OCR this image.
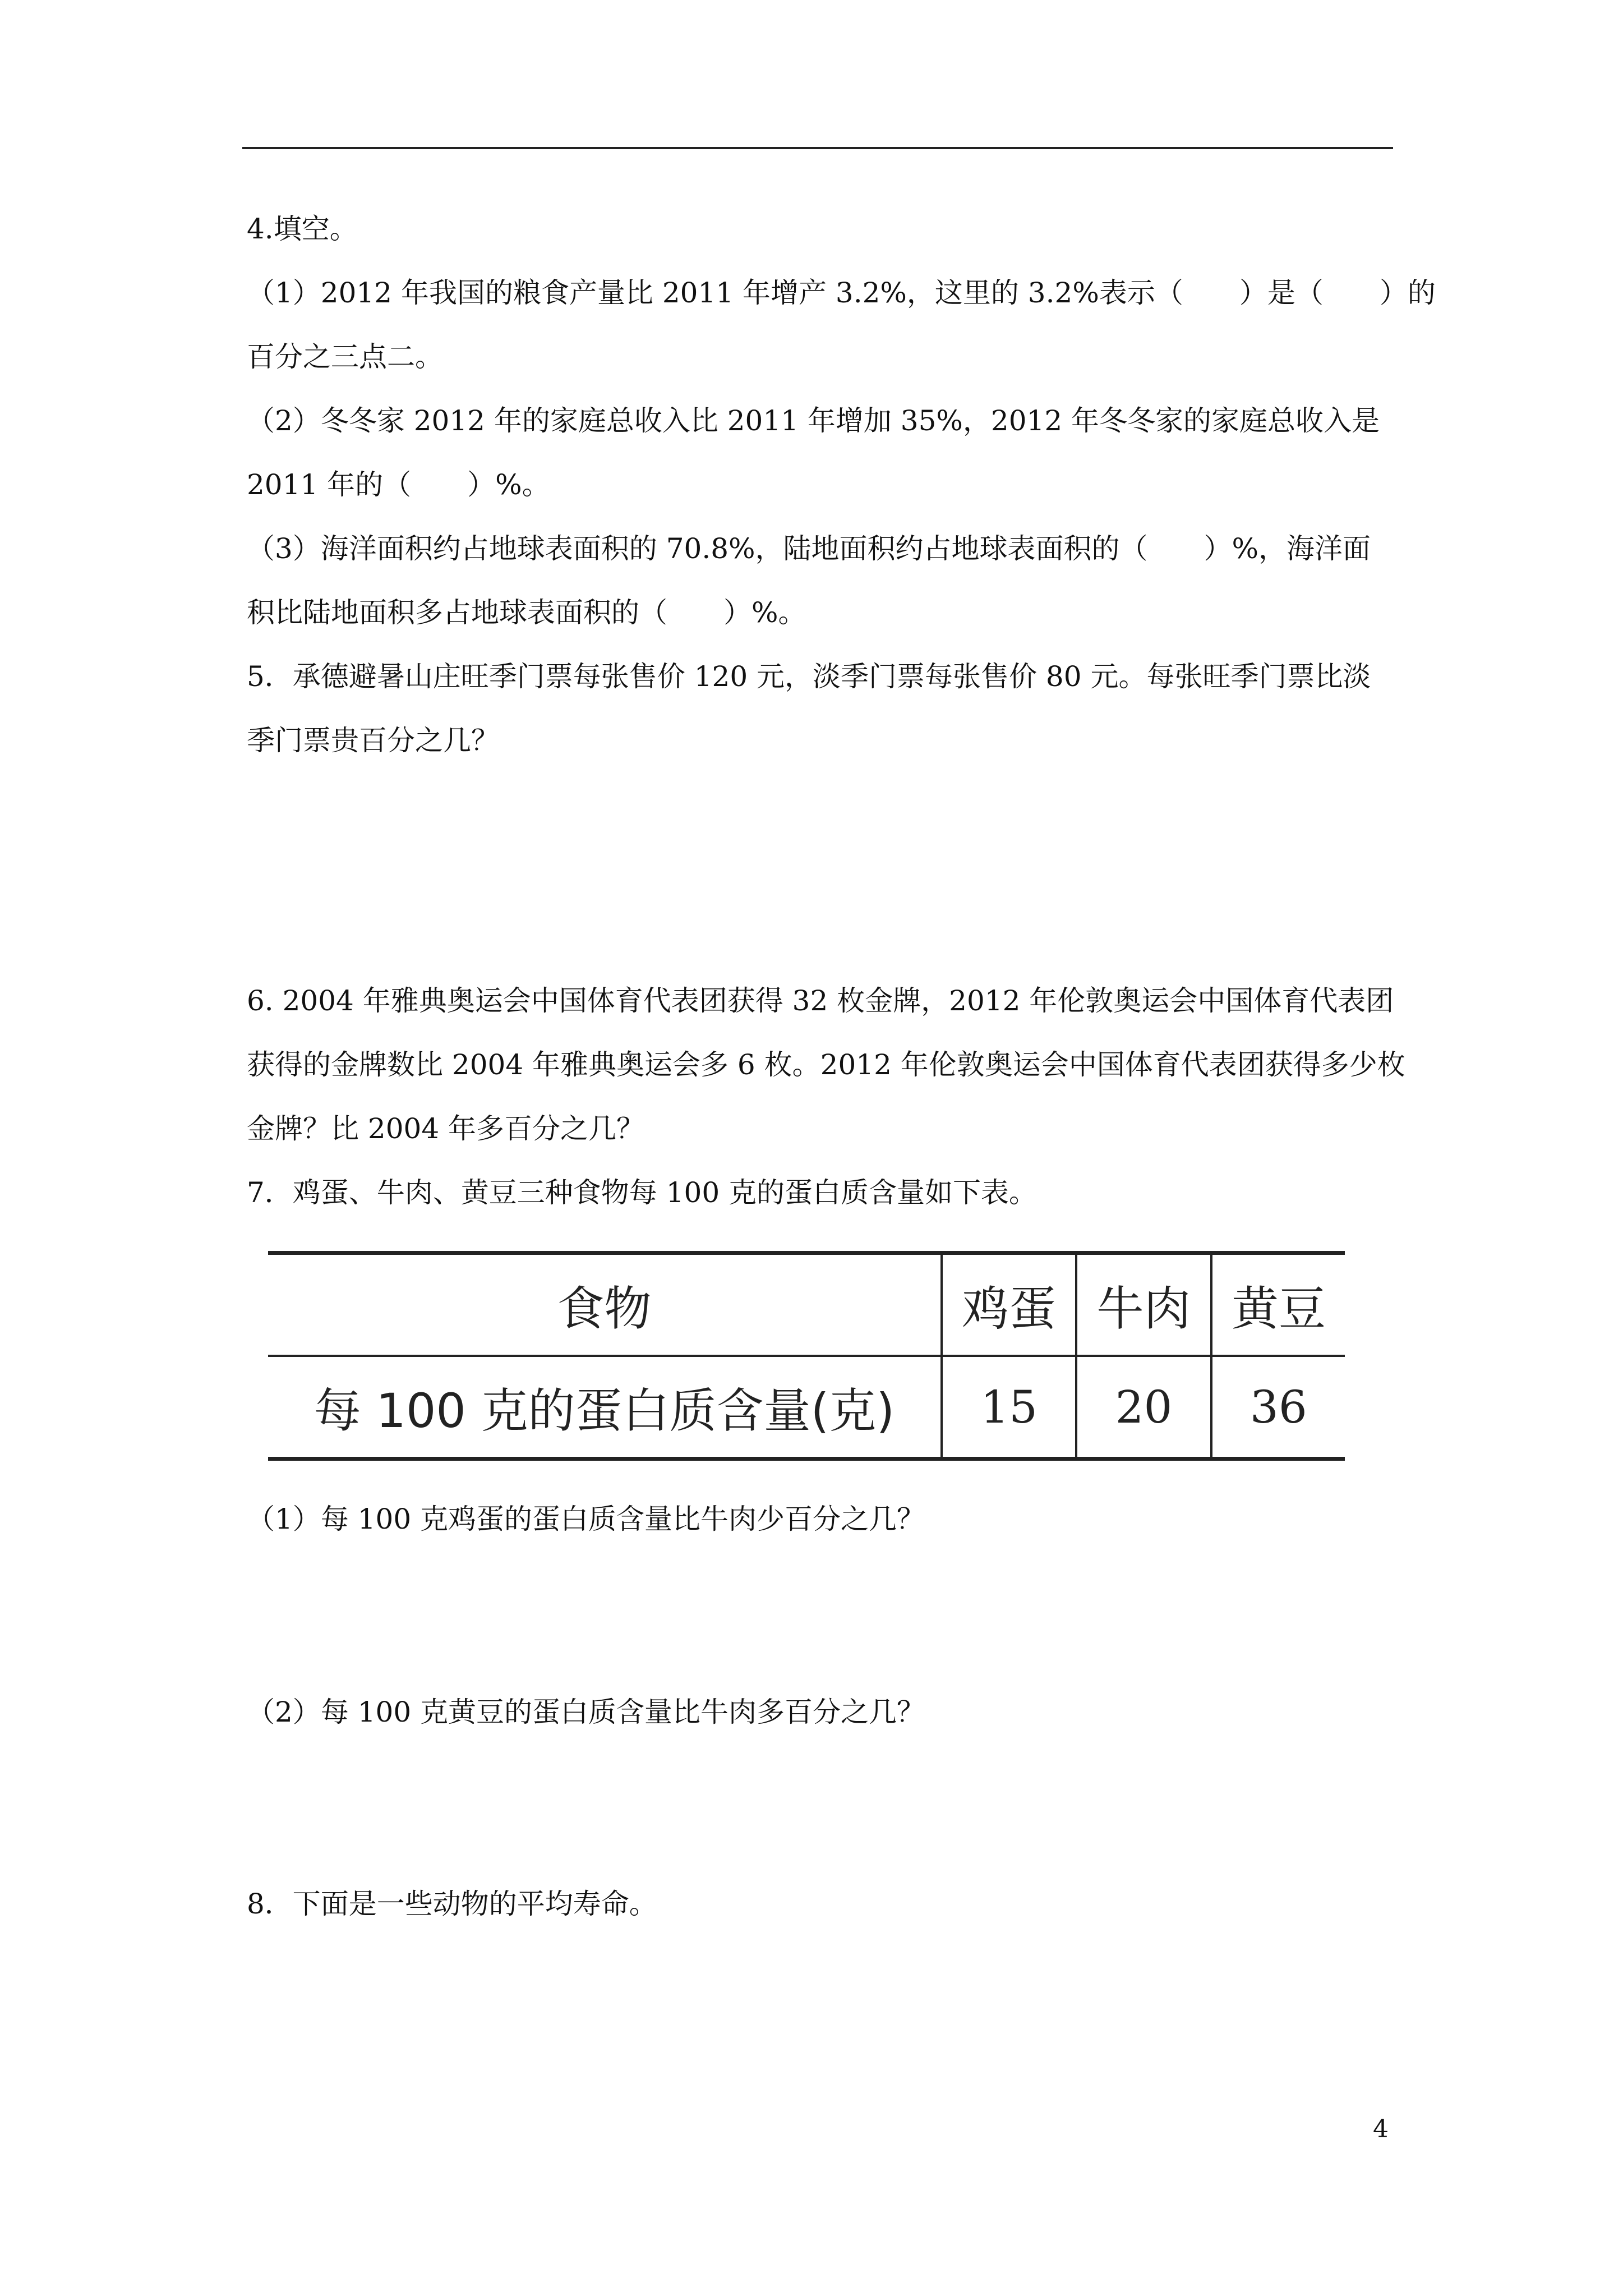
4.填空。
（1）2012 年我国的粮食产量比 2011 年增产 3.2%，这里的 3.2%表示（　　）是（　　）的
百分之三点二。
（2）冬冬家 2012 年的家庭总收入比 2011 年增加 35%，2012 年冬冬家的家庭总收入是
2011 年的（　　）%。
（3）海洋面积约占地球表面积的 70.8%，陆地面积约占地球表面积的（　　）%，海洋面
积比陆地面积多占地球表面积的（　　）%。
5．承德避暑山庄旺季门票每张售价 120 元，淡季门票每张售价 80 元。每张旺季门票比淡
季门票贵百分之几？
6. 2004 年雅典奥运会中国体育代表团获得 32 枚金牌，2012 年伦敦奥运会中国体育代表团
获得的金牌数比 2004 年雅典奥运会多 6 枚。2012 年伦敦奥运会中国体育代表团获得多少枚
金牌？比 2004 年多百分之几？
7．鸡蛋、牛肉、黄豆三种食物每 100 克的蛋白质含量如下表。
食物	鸡蛋	牛肉	黄豆
每 100 克的蛋白质含量(克)	15	20	36
（1）每 100 克鸡蛋的蛋白质含量比牛肉少百分之几？
（2）每 100 克黄豆的蛋白质含量比牛肉多百分之几？
8．下面是一些动物的平均寿命。
4
